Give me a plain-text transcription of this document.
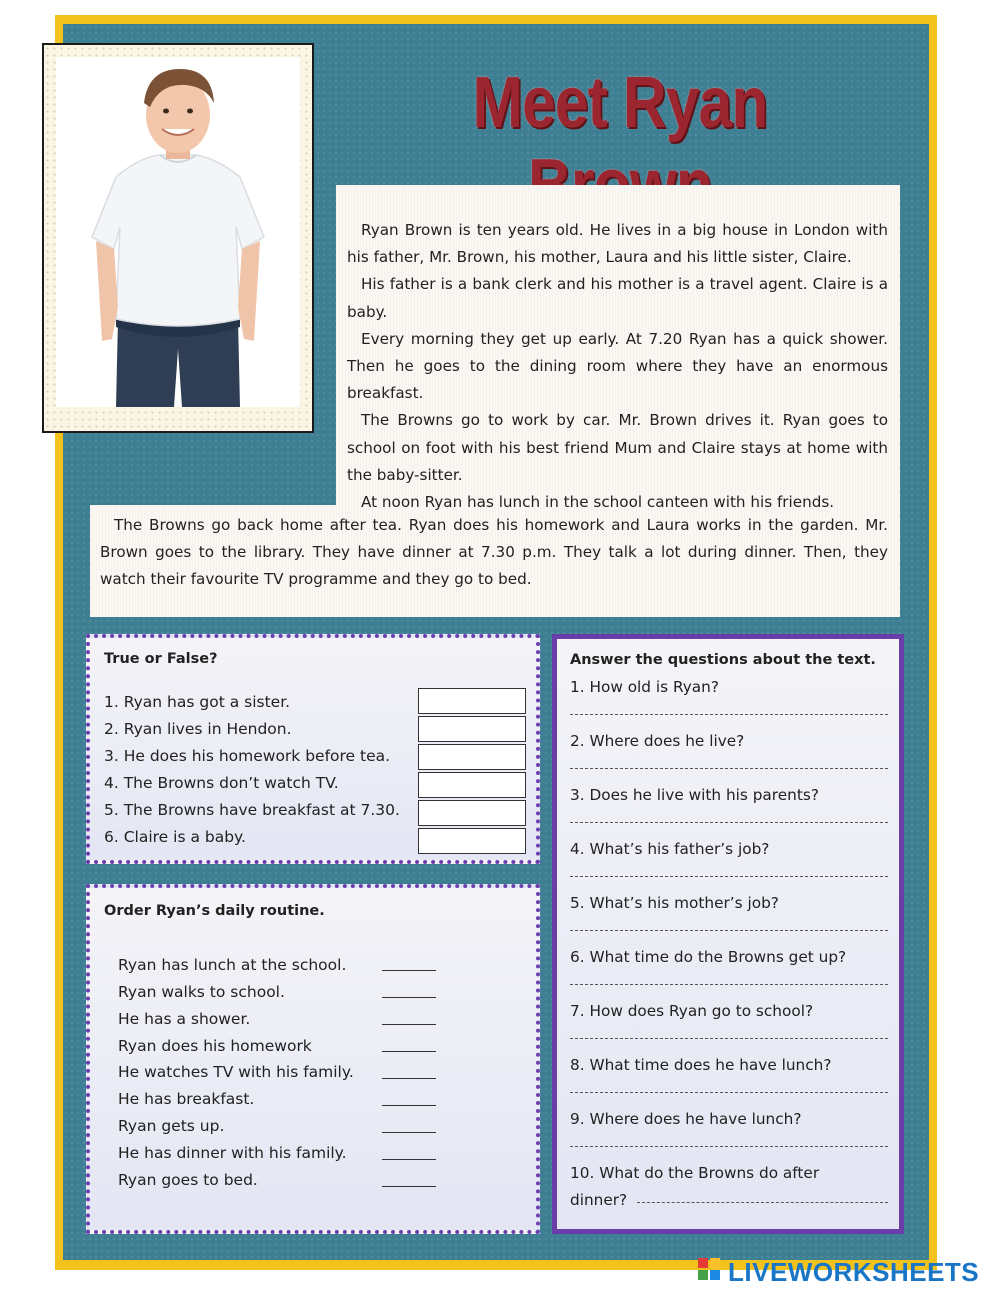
Meet Ryan

Ryan Brown is ten years old. He lives in a big house in London with his father, Mr. Brown, his mother, Laura and his little sister, Claire.

His father is a bank clerk and his mother is a travel agent. Claire is a baby.

Every morning they get up early. At 7.20 Ryan has a quick shower. Then he goes to the dining room where they have an enormous breakfast.

The Browns go to work by car. Mr. Brown drives it. Ryan goes to school on foot with his best friend Mum and Claire stays at home with the baby-sitter.

At noon Ryan has lunch in the school canteen with his friends.

The Browns go back home after tea. Ryan does his homework and Laura works in the garden. Mr. Brown goes to the library. They have dinner at 7.30 p.m. They talk a lot during dinner. Then, they watch their favourite TV programme and they go to bed.

True or False?
1. Ryan has got a sister.
2. Ryan lives in Hendon.
3. He does his homework before tea.
4. The Browns don’t watch TV.
5. The Browns have breakfast at 7.30.
6. Claire is a baby.
Order Ryan’s daily routine.
Ryan has lunch at the school.
Ryan walks to school.
He has a shower.
Ryan does his homework
He watches TV with his family.
He has breakfast.
Ryan gets up.
He has dinner with his family.
Ryan goes to bed.
Answer the questions about the text.
1. How old is Ryan?
2. Where does he live?
3. Does he live with his parents?
4. What’s his father’s job?
5. What’s his mother’s job?
6. What time do the Browns get up?
7. How does Ryan go to school?
8. What time does he have lunch?
9. Where does he have lunch?
10. What do the Browns do after
dinner?
LIVEWORKSHEETS
